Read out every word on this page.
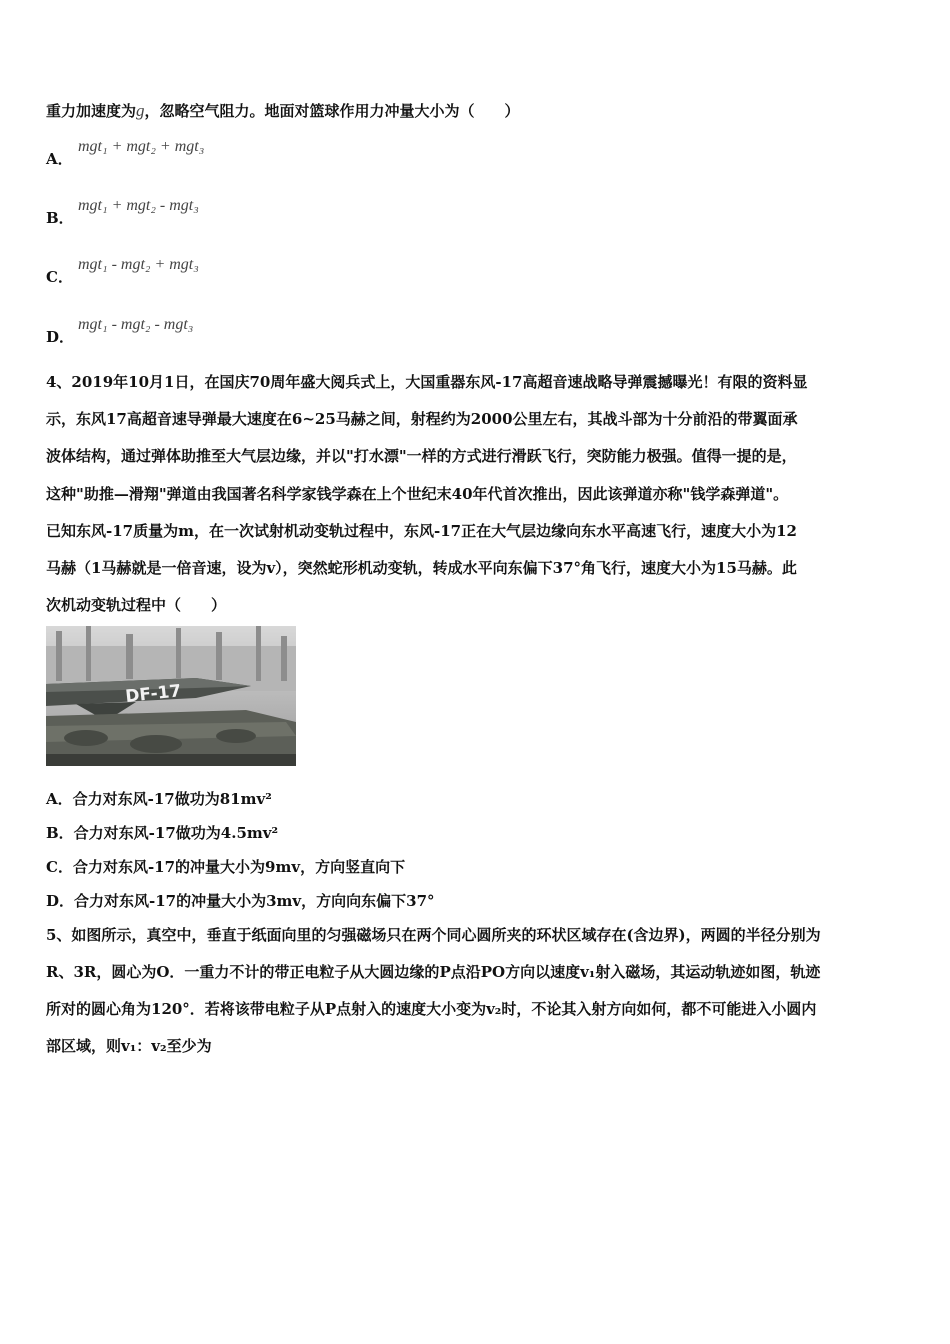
重力加速度为g，忽略空气阻力。地面对篮球作用力冲量大小为（　　）
A．
mgt₁ + mgt₂ + mgt₃
B．
mgt₁ + mgt₂ - mgt₃
C．
mgt₁ - mgt₂ + mgt₃
D．
mgt₁ - mgt₂ - mgt₃
4、2019年10月1日，在国庆70周年盛大阅兵式上，大国重器东风-17高超音速战略导弹震撼曝光！有限的资料显
示，东风17高超音速导弹最大速度在6~25马赫之间，射程约为2000公里左右，其战斗部为十分前沿的带翼面承
波体结构，通过弹体助推至大气层边缘，并以"打水漂"一样的方式进行滑跃飞行，突防能力极强。值得一提的是，
这种"助推—滑翔"弹道由我国著名科学家钱学森在上个世纪末40年代首次推出，因此该弹道亦称"钱学森弹道"。
已知东风-17质量为m，在一次试射机动变轨过程中，东风-17正在大气层边缘向东水平高速飞行，速度大小为12
马赫（1马赫就是一倍音速，设为v），突然蛇形机动变轨，转成水平向东偏下37°角飞行，速度大小为15马赫。此
次机动变轨过程中（　　）
DF-17
A．合力对东风-17做功为81mv²
B．合力对东风-17做功为4.5mv²
C．合力对东风-17的冲量大小为9mv，方向竖直向下
D．合力对东风-17的冲量大小为3mv，方向向东偏下37°
5、如图所示，真空中，垂直于纸面向里的匀强磁场只在两个同心圆所夹的环状区域存在(含边界)，两圆的半径分别为
R、3R，圆心为O．一重力不计的带正电粒子从大圆边缘的P点沿PO方向以速度v₁射入磁场，其运动轨迹如图，轨迹
所对的圆心角为120°．若将该带电粒子从P点射入的速度大小变为v₂时，不论其入射方向如何，都不可能进入小圆内
部区域，则v₁：v₂至少为
